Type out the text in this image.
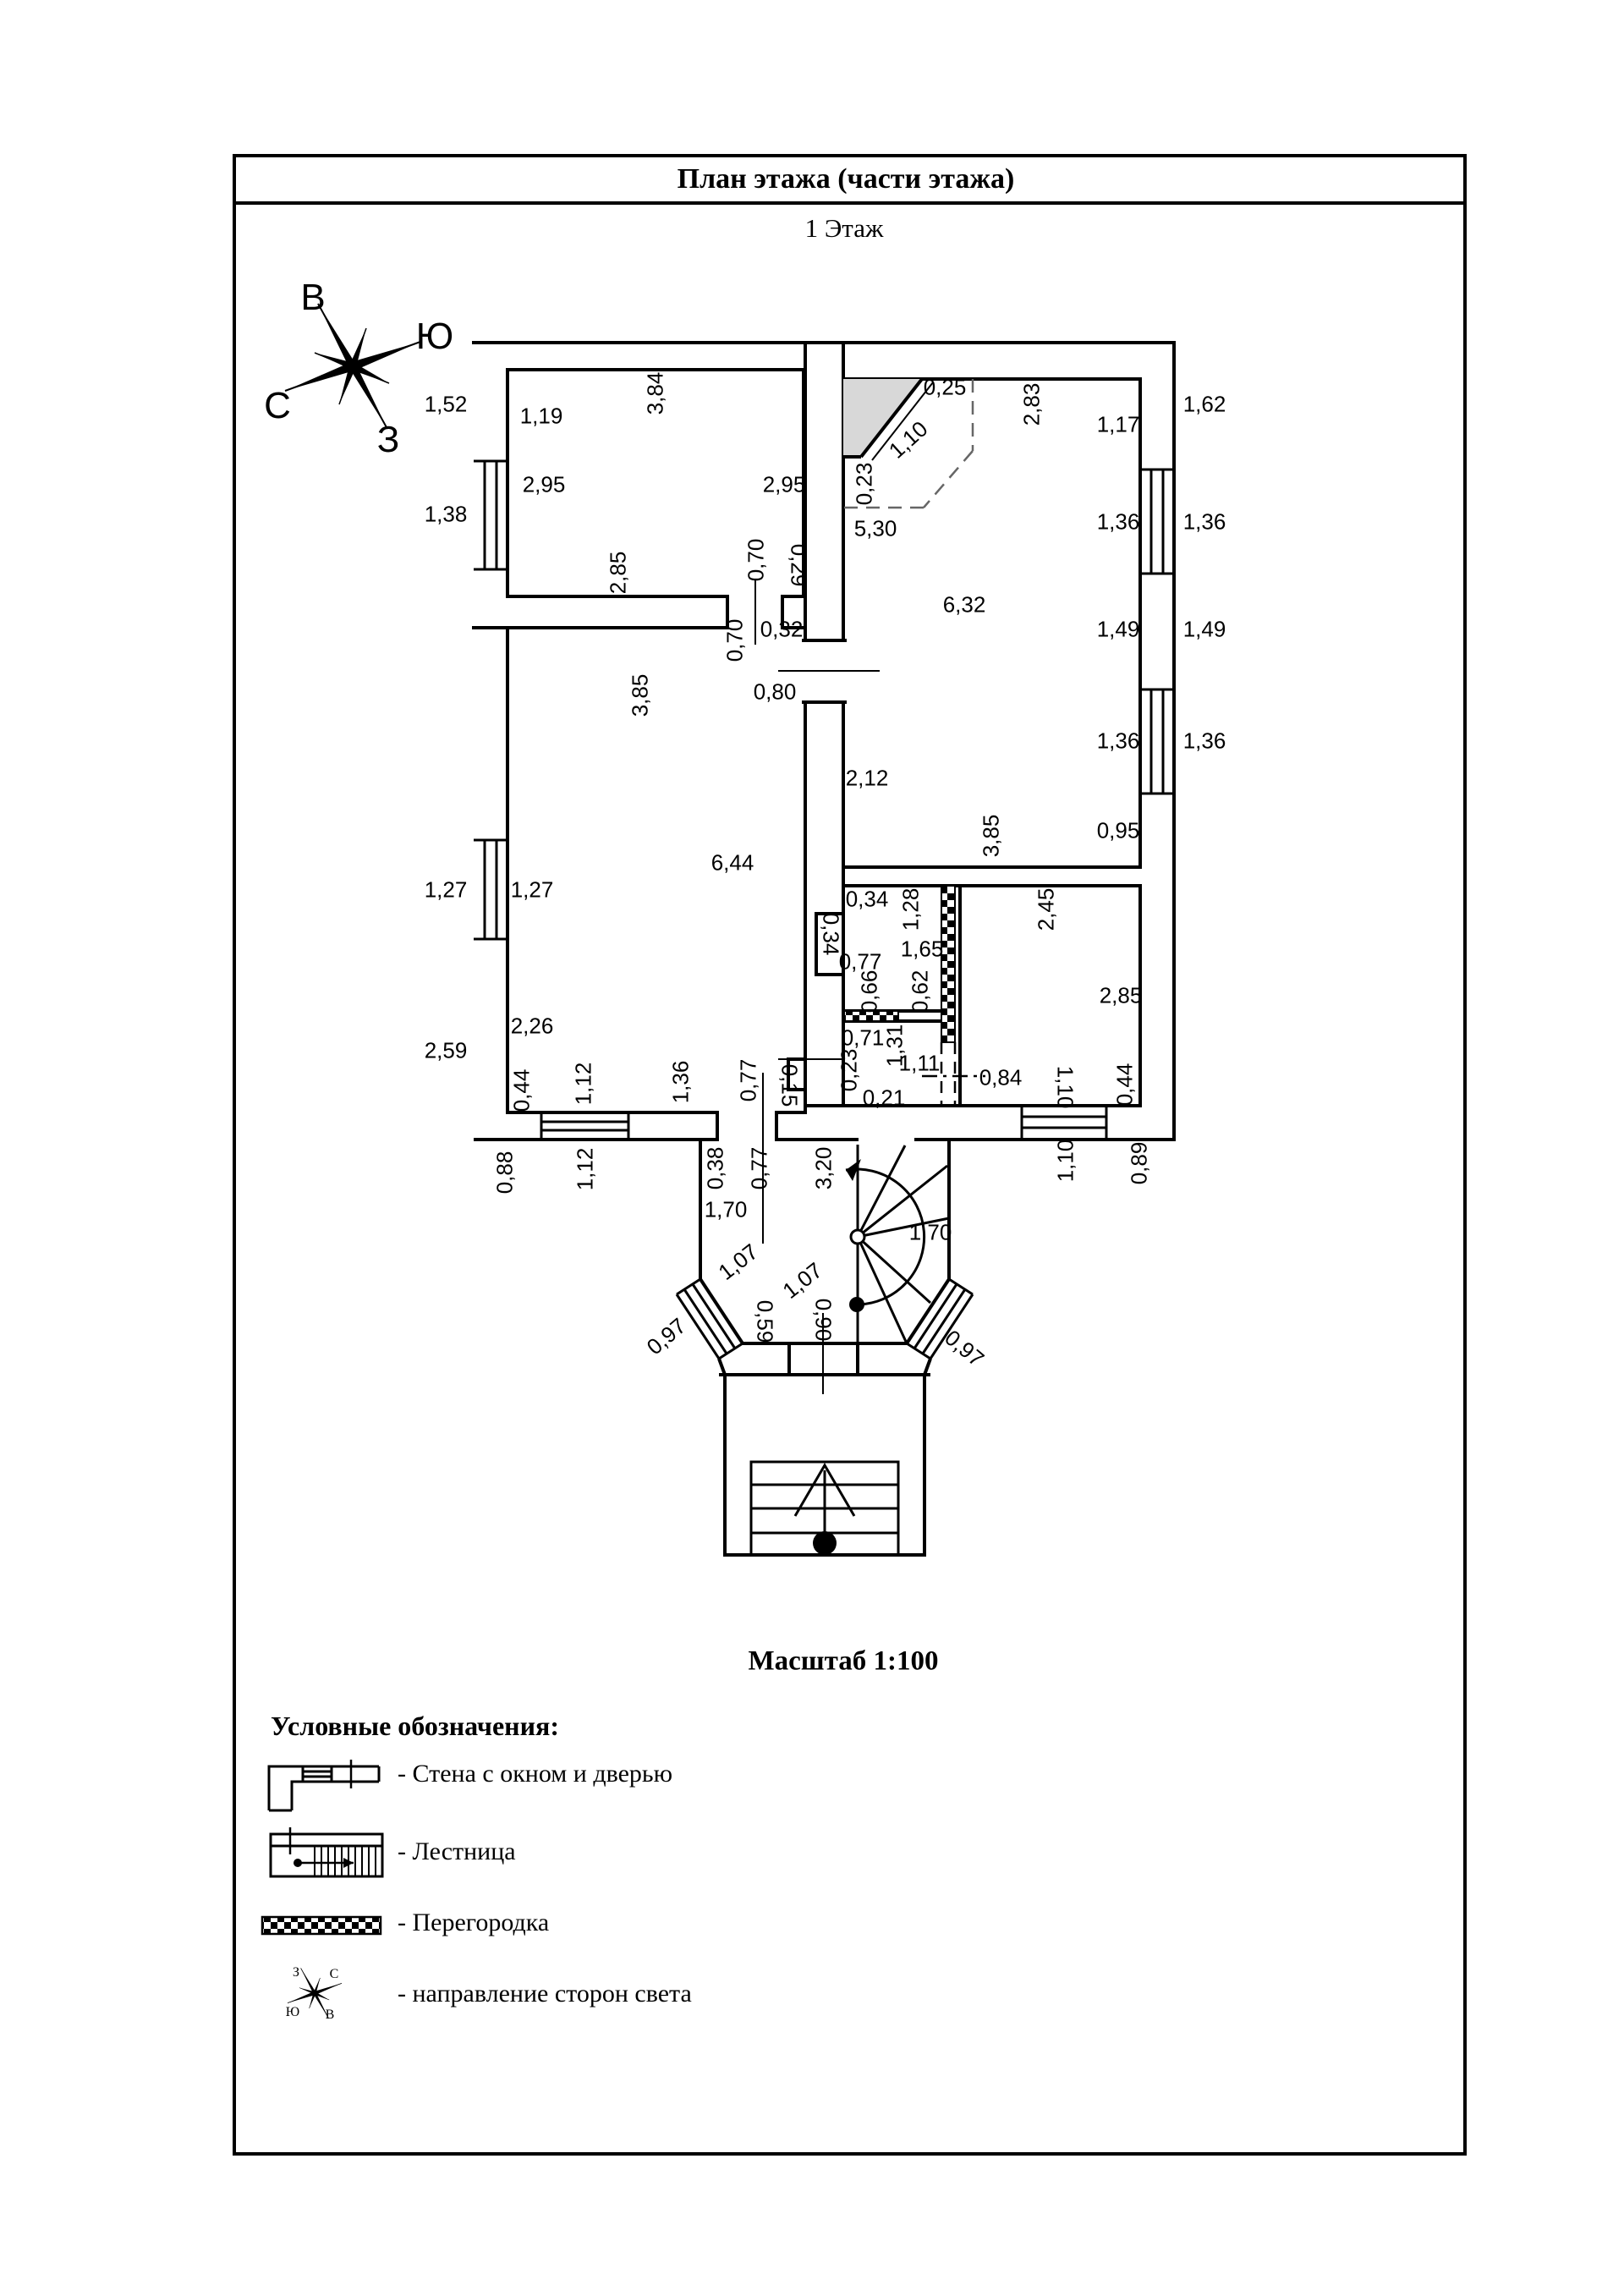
План этажа (части этажа)
1 Этаж
Масштаб 1:100
В
Ю
С
З
Условные обозначения:
- Стена с окном и дверью
- Лестница
- Перегородка
- направление сторон света
З С
Ю В
1,52
1,38
1,27
2,59
1,19
2,95
1,27
2,26
3,84
2,95
2,85	0,70 0,29
0,70 0,32
0,80
3,85
6,44
0,25
1,10
2,83 1,17
0,23
5,30
6,32
1,36
1,49
1,36
2,12
3,85	0,95
1,62
1,36
1,49
1,36
0,34
0,34
1,28
1,65
0,77
0,66 0,62
2,45
2,85
0,71
1,31
0,23 1,11
0,84
0,21	1,10 0,44
0,44 1,12	1,36 0,77 0,15
0,88	1,12	1,10 0,89
0,38 0,77 3,20
1,70
1,07 1,07
0,59 0,90
1,70
0,97	0,97
